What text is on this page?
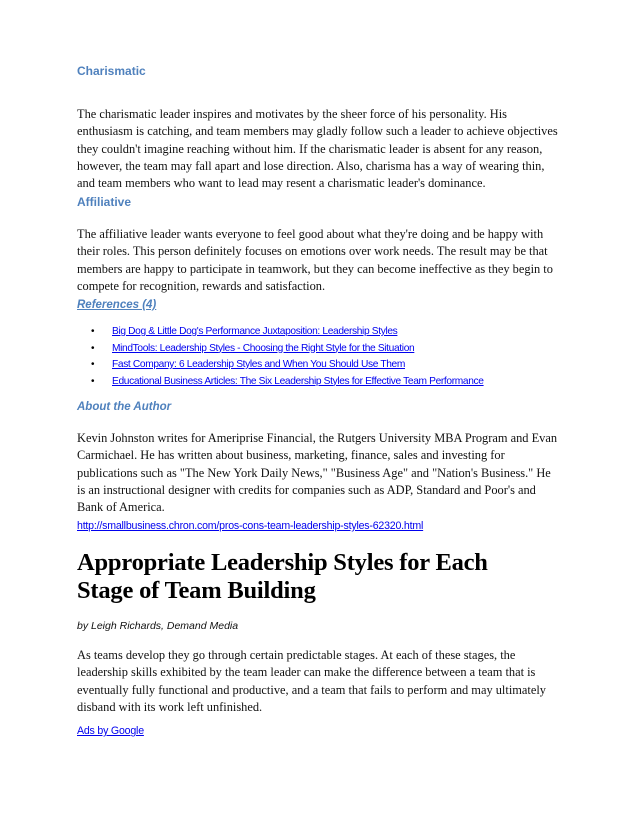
Charismatic

The charismatic leader inspires and motivates by the sheer force of his personality. His enthusiasm is catching, and team members may gladly follow such a leader to achieve objectives they couldn't imagine reaching without him. If the charismatic leader is absent for any reason, however, the team may fall apart and lose direction. Also, charisma has a way of wearing thin, and team members who want to lead may resent a charismatic leader's dominance.

Affiliative

The affiliative leader wants everyone to feel good about what they're doing and be happy with their roles. This person definitely focuses on emotions over work needs. The result may be that members are happy to participate in teamwork, but they can become ineffective as they begin to compete for recognition, rewards and satisfaction.

References (4)

• Big Dog & Little Dog's Performance Juxtaposition: Leadership Styles
• MindTools: Leadership Styles - Choosing the Right Style for the Situation
• Fast Company: 6 Leadership Styles and When You Should Use Them
• Educational Business Articles: The Six Leadership Styles for Effective Team Performance

About the Author

Kevin Johnston writes for Ameriprise Financial, the Rutgers University MBA Program and Evan Carmichael. He has written about business, marketing, finance, sales and investing for publications such as "The New York Daily News," "Business Age" and "Nation's Business." He is an instructional designer with credits for companies such as ADP, Standard and Poor's and Bank of America.

http://smallbusiness.chron.com/pros-cons-team-leadership-styles-62320.html
Appropriate Leadership Styles for Each
Stage of Team Building

by Leigh Richards, Demand Media

As teams develop they go through certain predictable stages. At each of these stages, the leadership skills exhibited by the team leader can make the difference between a team that is eventually fully functional and productive, and a team that fails to perform and may ultimately disband with its work left unfinished.

Ads by Google
